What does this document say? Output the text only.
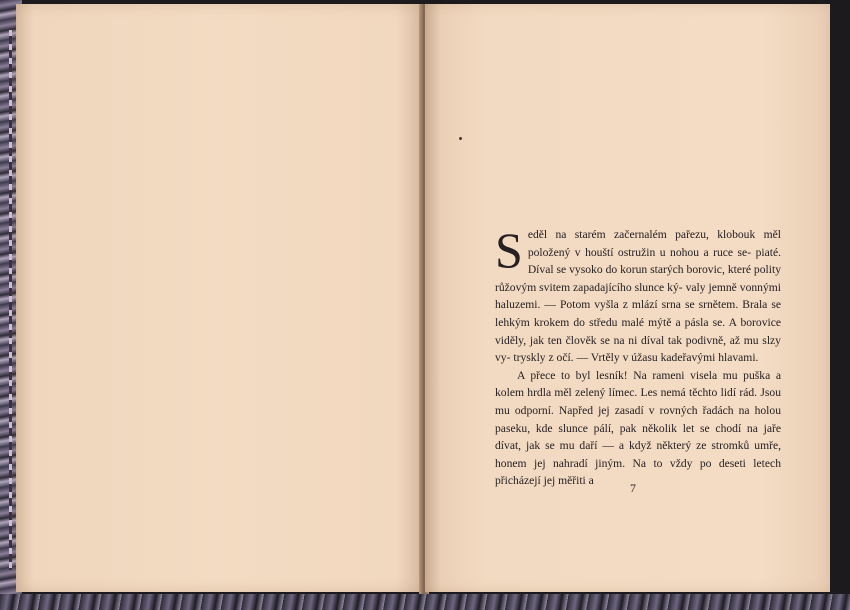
Seděl na starém začernalém pařezu, klobouk měl položený v houští ostružin u nohou a ruce se- piaté. Díval se vysoko do korun starých borovic, které polity růžovým svitem zapadajícího slunce ký- valy jemně vonnými haluzemi. — Potom vyšla z mlází srna se srnětem. Brala se lehkým krokem do středu malé mýtě a pásla se. A borovice viděly, jak ten člověk se na ni díval tak podivně, až mu slzy vy- tryskly z očí. — Vrtěly v úžasu kadeřavými hlavami.

A přece to byl lesník! Na rameni visela mu puška a kolem hrdla měl zelený límec. Les nemá těchto lidí rád. Jsou mu odporní. Napřed jej zasadí v rovných řadách na holou paseku, kde slunce pálí, pak několik let se chodí na jaře dívat, jak se mu daří — a když některý ze stromků umře, honem jej nahradí jiným. Na to vždy po deseti letech přicházejí jej měřiti a

7
